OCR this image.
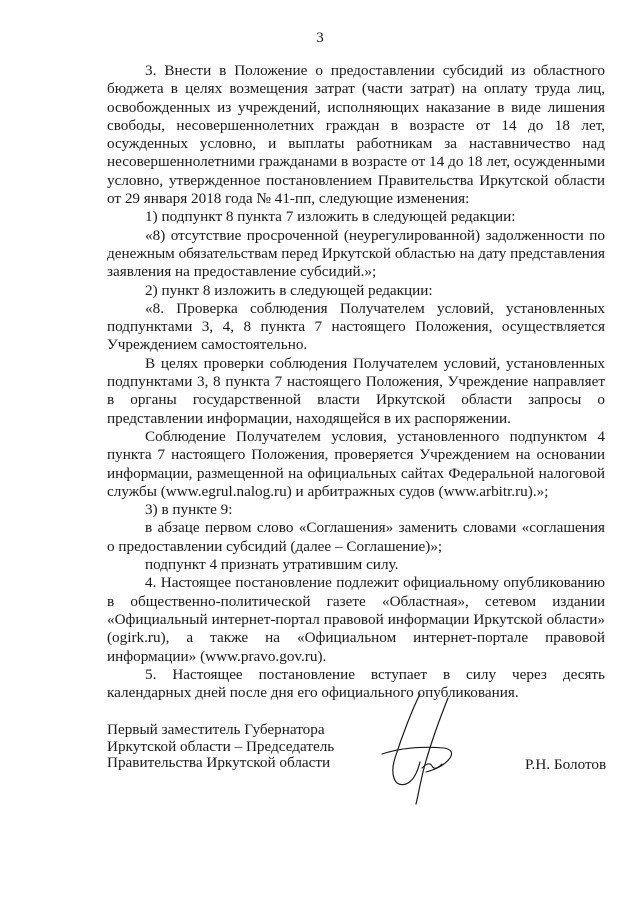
3

3. Внести в Положение о предоставлении субсидий из областного бюджета в целях возмещения затрат (части затрат) на оплату труда лиц, освобожденных из учреждений, исполняющих наказание в виде лишения свободы, несовершеннолетних граждан в возрасте от 14 до 18 лет, осужденных условно, и выплаты работникам за наставничество над несовершеннолетними гражданами в возрасте от 14 до 18 лет, осужденными условно, утвержденное постановлением Правительства Иркутской области от 29 января 2018 года № 41-пп, следующие изменения:

1) подпункт 8 пункта 7 изложить в следующей редакции:

«8) отсутствие просроченной (неурегулированной) задолженности по денежным обязательствам перед Иркутской областью на дату представления заявления на предоставление субсидий.»;

2) пункт 8 изложить в следующей редакции:

«8. Проверка соблюдения Получателем условий, установленных подпунктами 3, 4, 8 пункта 7 настоящего Положения, осуществляется Учреждением самостоятельно.

В целях проверки соблюдения Получателем условий, установленных подпунктами 3, 8 пункта 7 настоящего Положения, Учреждение направляет в органы государственной власти Иркутской области запросы о представлении информации, находящейся в их распоряжении.

Соблюдение Получателем условия, установленного подпунктом 4 пункта 7 настоящего Положения, проверяется Учреждением на основании информации, размещенной на официальных сайтах Федеральной налоговой службы (www.egrul.nalog.ru) и арбитражных судов (www.arbitr.ru).»;

3) в пункте 9:

в абзаце первом слово «Соглашения» заменить словами «соглашения о предоставлении субсидий (далее – Соглашение)»;

подпункт 4 признать утратившим силу.

4. Настоящее постановление подлежит официальному опубликованию в общественно-политической газете «Областная», сетевом издании «Официальный интернет-портал правовой информации Иркутской области» (ogirk.ru), а также на «Официальном интернет-портале правовой информации» (www.pravo.gov.ru).

5. Настоящее постановление вступает в силу через десять календарных дней после дня его официального опубликования.

Первый заместитель Губернатора
Иркутской области – Председатель
Правительства Иркутской области	Р.Н. Болотов
